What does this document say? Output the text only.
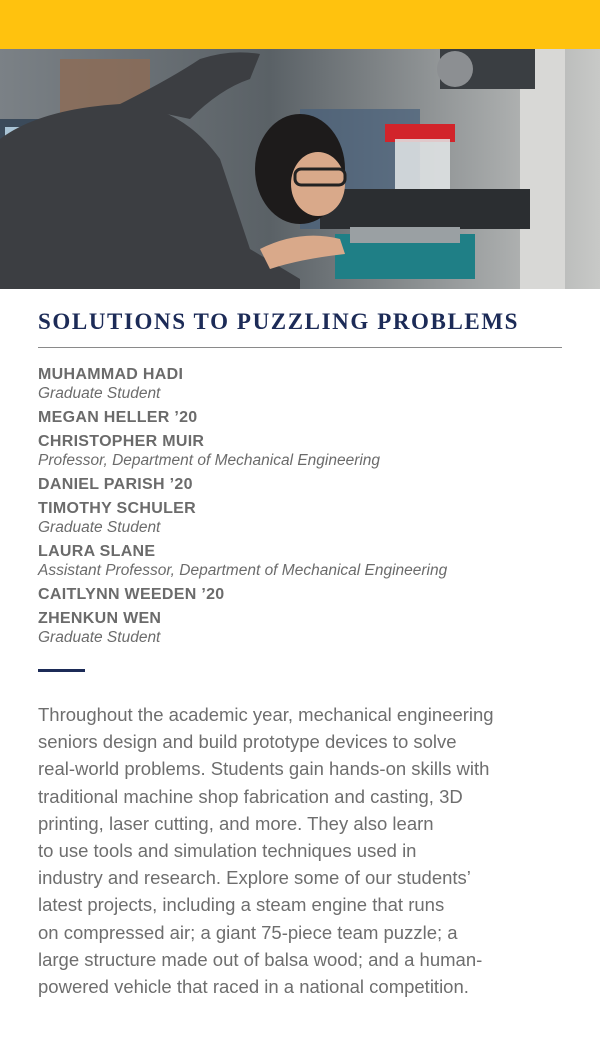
SOLUTIONS TO PUZZLING PROBLEMS
MUHAMMAD HADI
Graduate Student
MEGAN HELLER ’20
CHRISTOPHER MUIR
Professor, Department of Mechanical Engineering
DANIEL PARISH ’20
TIMOTHY SCHULER
Graduate Student
LAURA SLANE
Assistant Professor, Department of Mechanical Engineering
CAITLYNN WEEDEN ’20
ZHENKUN WEN
Graduate Student
Throughout the academic year, mechanical engineering
seniors design and build prototype devices to solve
real-world problems. Students gain hands-on skills with
traditional machine shop fabrication and casting, 3D
printing, laser cutting, and more. They also learn
to use tools and simulation techniques used in
industry and research. Explore some of our students’
latest projects, including a steam engine that runs
on compressed air; a giant 75-piece team puzzle; a
large structure made out of balsa wood; and a human-
powered vehicle that raced in a national competition.
